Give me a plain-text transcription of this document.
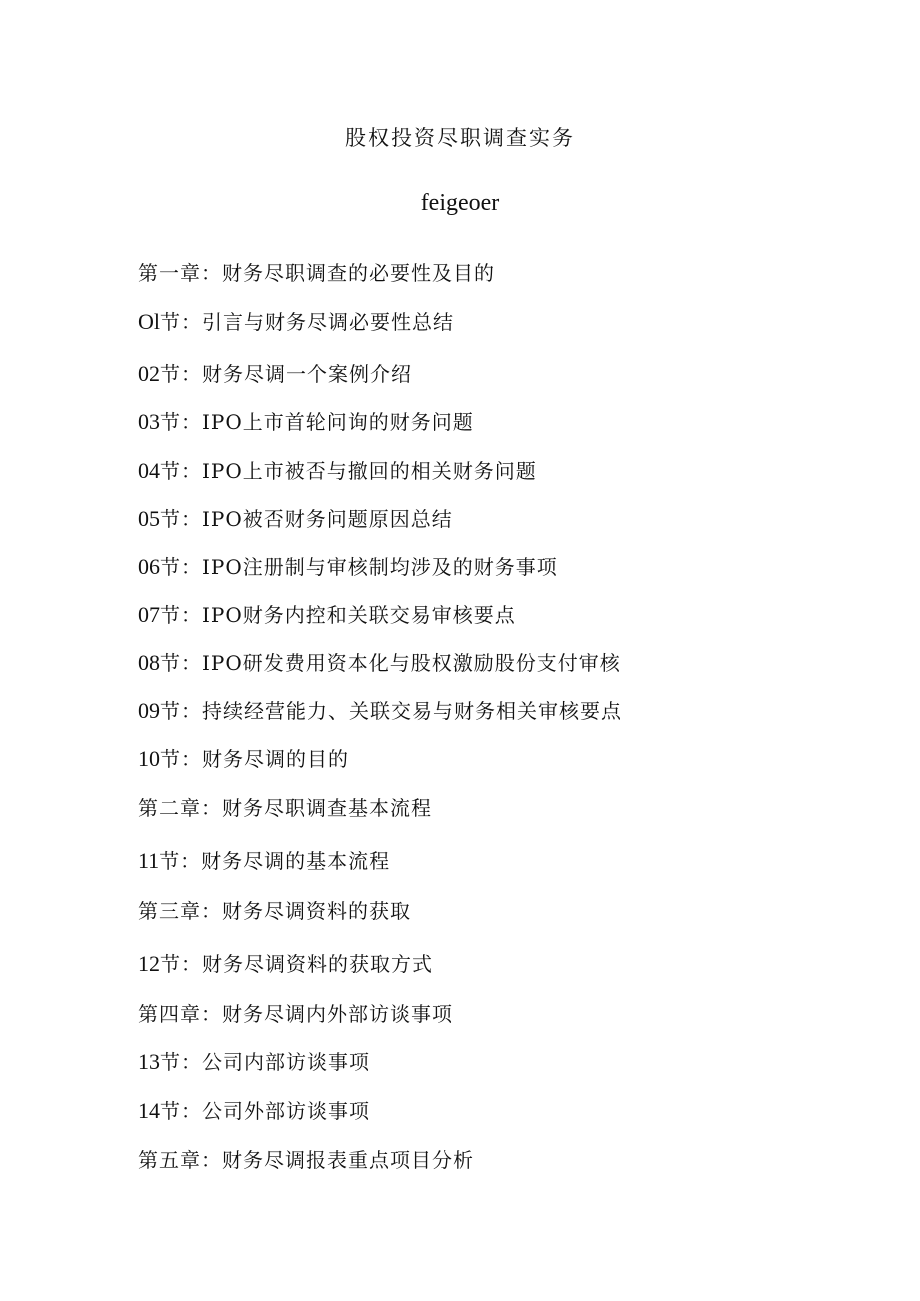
股权投资尽职调查实务
feigeoer
第一章：财务尽职调查的必要性及目的
Ol节：引言与财务尽调必要性总结
02节：财务尽调一个案例介绍
03节：IPO上市首轮问询的财务问题
04节：IPO上市被否与撤回的相关财务问题
05节：IPO被否财务问题原因总结
06节：IPO注册制与审核制均涉及的财务事项
07节：IPO财务内控和关联交易审核要点
08节：IPO研发费用资本化与股权激励股份支付审核
09节：持续经营能力、关联交易与财务相关审核要点
10节：财务尽调的目的
第二章：财务尽职调查基本流程
11节：财务尽调的基本流程
第三章：财务尽调资料的获取
12节：财务尽调资料的获取方式
第四章：财务尽调内外部访谈事项
13节：公司内部访谈事项
14节：公司外部访谈事项
第五章：财务尽调报表重点项目分析
